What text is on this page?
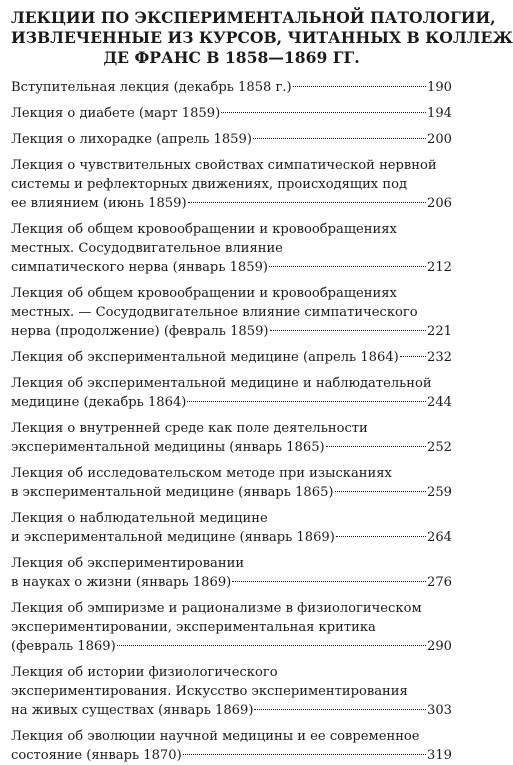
ЛЕКЦИИ ПО ЭКСПЕРИМЕНТАЛЬНОЙ ПАТОЛОГИИ,
ИЗВЛЕЧЕННЫЕ ИЗ КУРСОВ, ЧИТАННЫХ В КОЛЛЕЖ
ДЕ ФРАНС В 1858—1869 ГГ.
Вступительная лекция (декабрь 1858 г.)	190
Лекция о диабете (март 1859)	194
Лекция о лихорадке (апрель 1859)	200
Лекция о чувствительных свойствах симпатической нервной
системы и рефлекторных движениях, происходящих под
ее влиянием (июнь 1859)	206
Лекция об общем кровообращении и кровообращениях
местных. Сосудодвигательное влияние
симпатического нерва (январь 1859)	212
Лекция об общем кровообращении и кровообращениях
местных. — Сосудодвигательное влияние симпатического
нерва (продолжение) (февраль 1859)	221
Лекция об экспериментальной медицине (апрель 1864) 232
Лекция об экспериментальной медицине и наблюдательной
медицине (декабрь 1864)	244
Лекция о внутренней среде как поле деятельности
экспериментальной медицины (январь 1865)	252
Лекция об исследовательском методе при изысканиях
в экспериментальной медицине (январь 1865)	259
Лекция о наблюдательной медицине
и экспериментальной медицине (январь 1869)	264
Лекция об экспериментировании
в науках о жизни (январь 1869)	276
Лекция об эмпиризме и рационализме в физиологическом
экспериментировании, экспериментальная критика
(февраль 1869)	290
Лекция об истории физиологического
экспериментирования. Искусство экспериментирования
на живых существах (январь 1869)	303
Лекция об эволюции научной медицины и ее современное
состояние (январь 1870)	319
